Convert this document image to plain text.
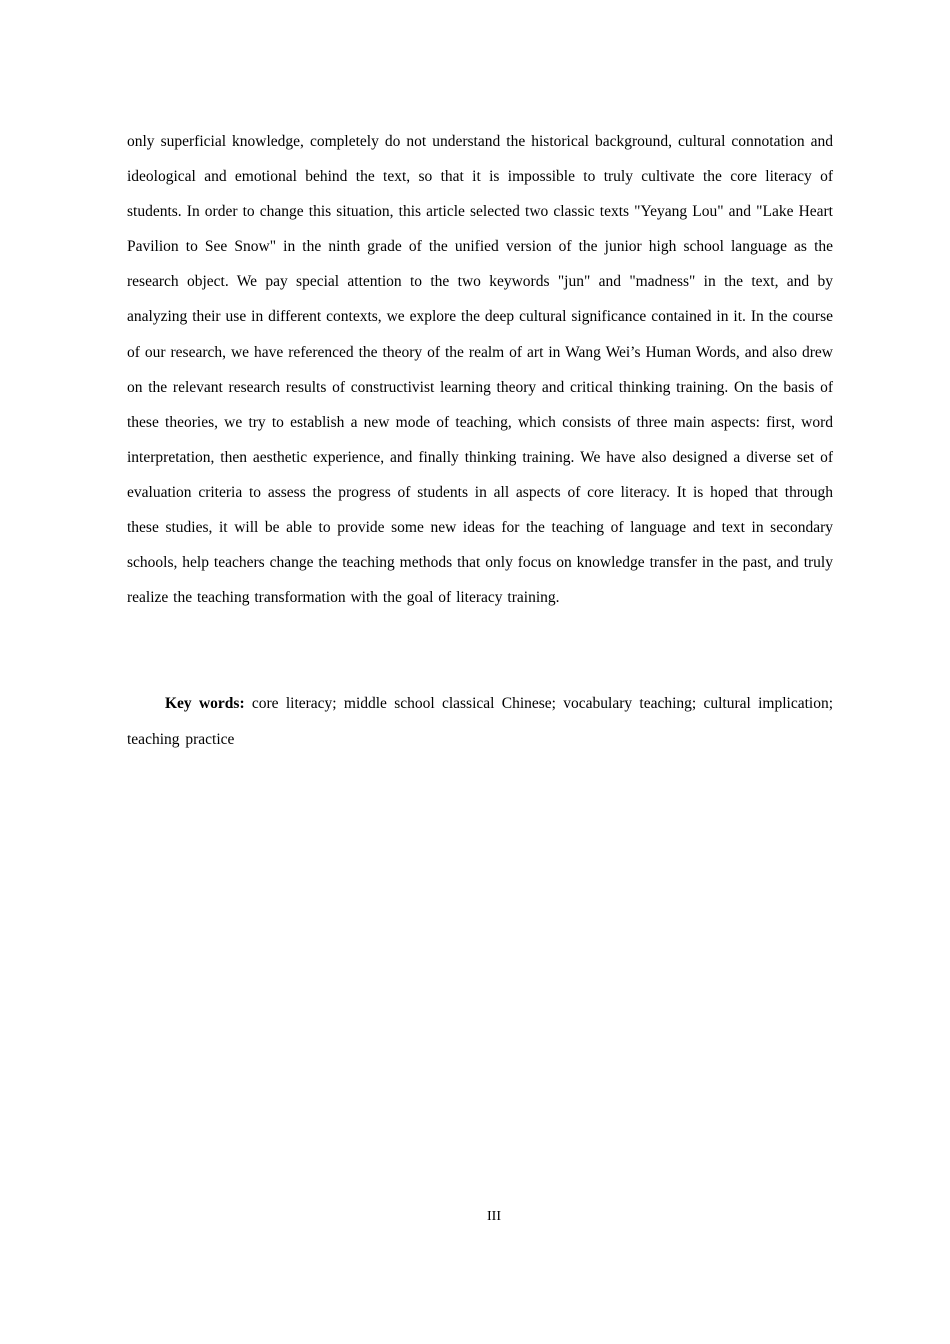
only superficial knowledge, completely do not understand the historical background, cultural connotation and ideological and emotional behind the text, so that it is impossible to truly cultivate the core literacy of students. In order to change this situation, this article selected two classic texts "Yeyang Lou" and "Lake Heart Pavilion to See Snow" in the ninth grade of the unified version of the junior high school language as the research object. We pay special attention to the two keywords "jun" and "madness" in the text, and by analyzing their use in different contexts, we explore the deep cultural significance contained in it. In the course of our research, we have referenced the theory of the realm of art in Wang Wei’s Human Words, and also drew on the relevant research results of constructivist learning theory and critical thinking training. On the basis of these theories, we try to establish a new mode of teaching, which consists of three main aspects: first, word interpretation, then aesthetic experience, and finally thinking training. We have also designed a diverse set of evaluation criteria to assess the progress of students in all aspects of core literacy. It is hoped that through these studies, it will be able to provide some new ideas for the teaching of language and text in secondary schools, help teachers change the teaching methods that only focus on knowledge transfer in the past, and truly realize the teaching transformation with the goal of literacy training.

Key words: core literacy; middle school classical Chinese; vocabulary teaching; cultural implication; teaching practice

III
